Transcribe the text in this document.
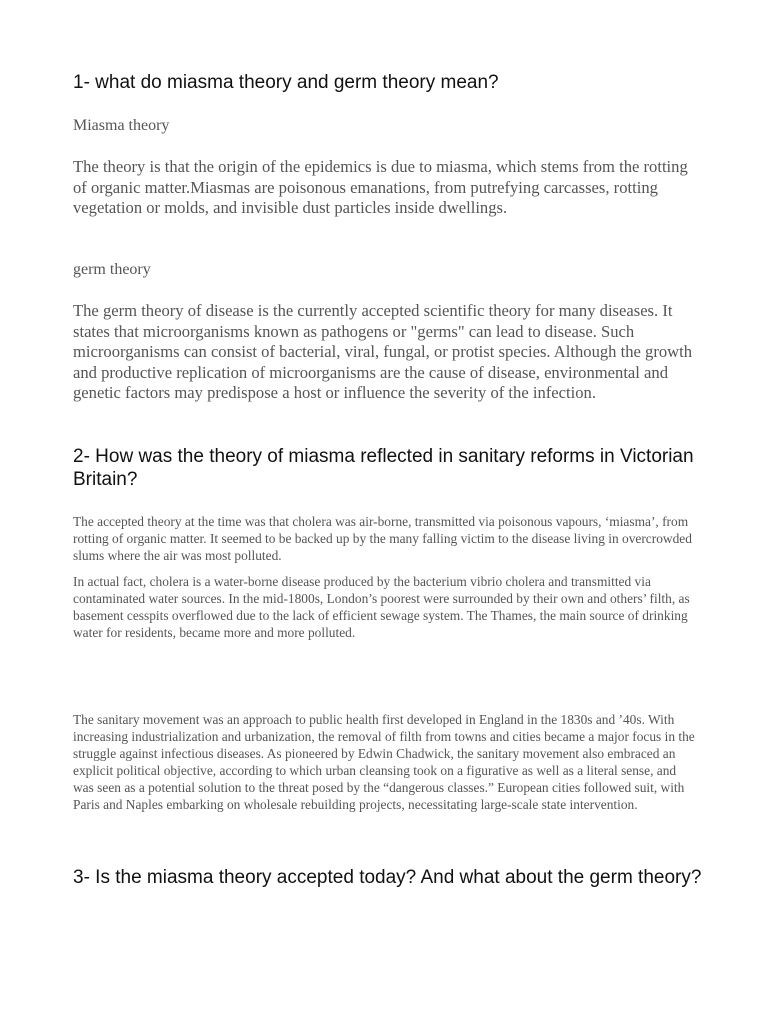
1- what do miasma theory and germ theory mean?

Miasma theory

The theory is that the origin of the epidemics is due to miasma, which stems from the rotting of organic matter.Miasmas are poisonous emanations, from putrefying carcasses, rotting vegetation or molds, and invisible dust particles inside dwellings.

germ theory

The germ theory of disease is the currently accepted scientific theory for many diseases. It states that microorganisms known as pathogens or "germs" can lead to disease. Such microorganisms can consist of bacterial, viral, fungal, or protist species. Although the growth and productive replication of microorganisms are the cause of disease, environmental and genetic factors may predispose a host or influence the severity of the infection.

2- How was the theory of miasma reflected in sanitary reforms in Victorian Britain?

The accepted theory at the time was that cholera was air-borne, transmitted via poisonous vapours, ‘miasma’, from rotting of organic matter. It seemed to be backed up by the many falling victim to the disease living in overcrowded slums where the air was most polluted.

In actual fact, cholera is a water-borne disease produced by the bacterium vibrio cholera and transmitted via contaminated water sources. In the mid-1800s, London’s poorest were surrounded by their own and others’ filth, as basement cesspits overflowed due to the lack of efficient sewage system. The Thames, the main source of drinking water for residents, became more and more polluted.

The sanitary movement was an approach to public health first developed in England in the 1830s and ’40s. With increasing industrialization and urbanization, the removal of filth from towns and cities became a major focus in the struggle against infectious diseases. As pioneered by Edwin Chadwick, the sanitary movement also embraced an explicit political objective, according to which urban cleansing took on a figurative as well as a literal sense, and was seen as a potential solution to the threat posed by the “dangerous classes.” European cities followed suit, with Paris and Naples embarking on wholesale rebuilding projects, necessitating large-scale state intervention.

3- Is the miasma theory accepted today? And what about the germ theory?
